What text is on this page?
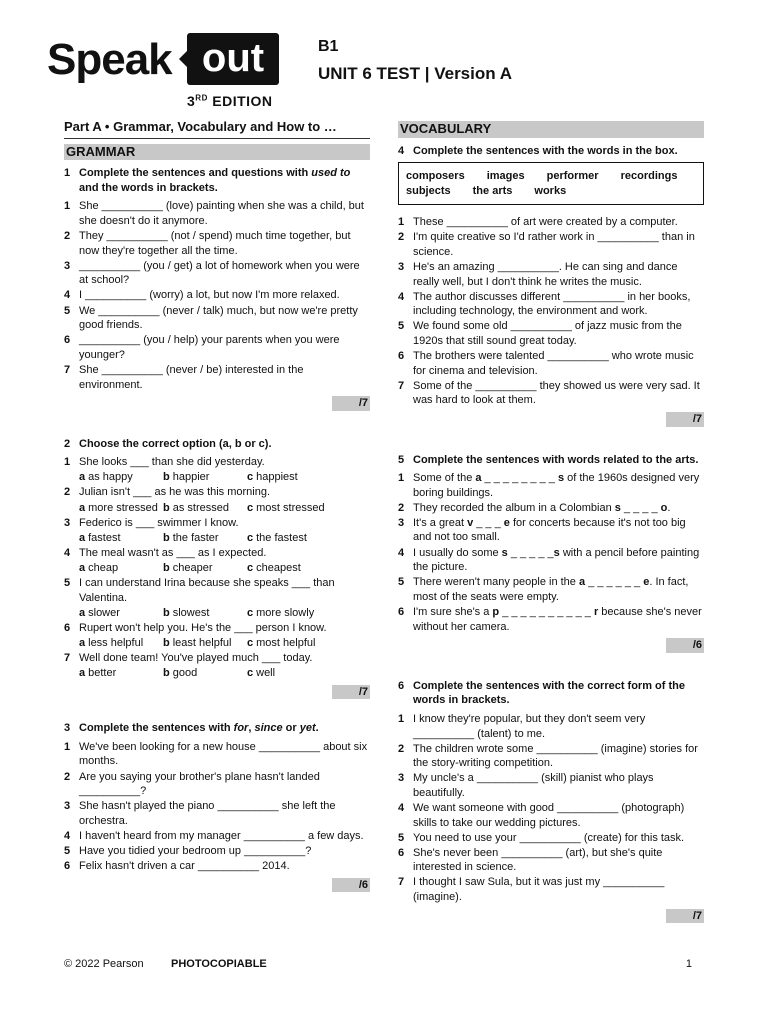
Speak out
3RD EDITION
B1
UNIT 6 TEST | Version A
Part A • Grammar, Vocabulary and How to …
GRAMMAR
1 Complete the sentences and questions with used to and the words in brackets.
1 She __________ (love) painting when she was a child, but she doesn't do it anymore.
2 They __________ (not / spend) much time together, but now they're together all the time.
3 __________ (you / get) a lot of homework when you were at school?
4 I __________ (worry) a lot, but now I'm more relaxed.
5 We __________ (never / talk) much, but now we're pretty good friends.
6 __________ (you / help) your parents when you were younger?
7 She __________ (never / be) interested in the environment.
/7
2 Choose the correct option (a, b or c).
1 She looks ___ than she did yesterday.
a as happy	b happier	c happiest
2 Julian isn't ___ as he was this morning.
a more stressed b as stressed	c most stressed
3 Federico is ___ swimmer I know.
a fastest	b the faster	c the fastest
4 The meal wasn't as ___ as I expected.
a cheap	b cheaper	c cheapest
5 I can understand Irina because she speaks ___ than Valentina.
a slower	b slowest	c more slowly
6 Rupert won't help you. He's the ___ person I know.
a less helpful	b least helpful	c most helpful
7 Well done team! You've played much ___ today.
a better	b good	c well
/7
3 Complete the sentences with for, since or yet.
1 We've been looking for a new house __________ about six months.
2 Are you saying your brother's plane hasn't landed __________?
3 She hasn't played the piano __________ she left the orchestra.
4 I haven't heard from my manager __________ a few days.
5 Have you tidied your bedroom up __________?
6 Felix hasn't driven a car __________ 2014.
/6
VOCABULARY
4 Complete the sentences with the words in the box.
composers images performer recordings
subjects the arts works
1 These __________ of art were created by a computer.
2 I'm quite creative so I'd rather work in __________ than in science.
3 He's an amazing __________. He can sing and dance really well, but I don't think he writes the music.
4 The author discusses different __________ in her books, including technology, the environment and work.
5 We found some old __________ of jazz music from the 1920s that still sound great today.
6 The brothers were talented __________ who wrote music for cinema and television.
7 Some of the __________ they showed us were very sad. It was hard to look at them.
/7
5 Complete the sentences with words related to the arts.
1 Some of the a _ _ _ _ _ _ _ _ s of the 1960s designed very boring buildings.
2 They recorded the album in a Colombian s _ _ _ _ o.
3 It's a great v _ _ _ e for concerts because it's not too big and not too small.
4 I usually do some s _ _ _ _ _s with a pencil before painting the picture.
5 There weren't many people in the a _ _ _ _ _ _ e. In fact, most of the seats were empty.
6 I'm sure she's a p _ _ _ _ _ _ _ _ _ _ r because she's never without her camera.
/6
6 Complete the sentences with the correct form of the words in brackets.
1 I know they're popular, but they don't seem very __________ (talent) to me.
2 The children wrote some __________ (imagine) stories for the story-writing competition.
3 My uncle's a __________ (skill) pianist who plays beautifully.
4 We want someone with good __________ (photograph) skills to take our wedding pictures.
5 You need to use your __________ (create) for this task.
6 She's never been __________ (art), but she's quite interested in science.
7 I thought I saw Sula, but it was just my __________ (imagine).
/7
© 2022 Pearson PHOTOCOPIABLE	1
